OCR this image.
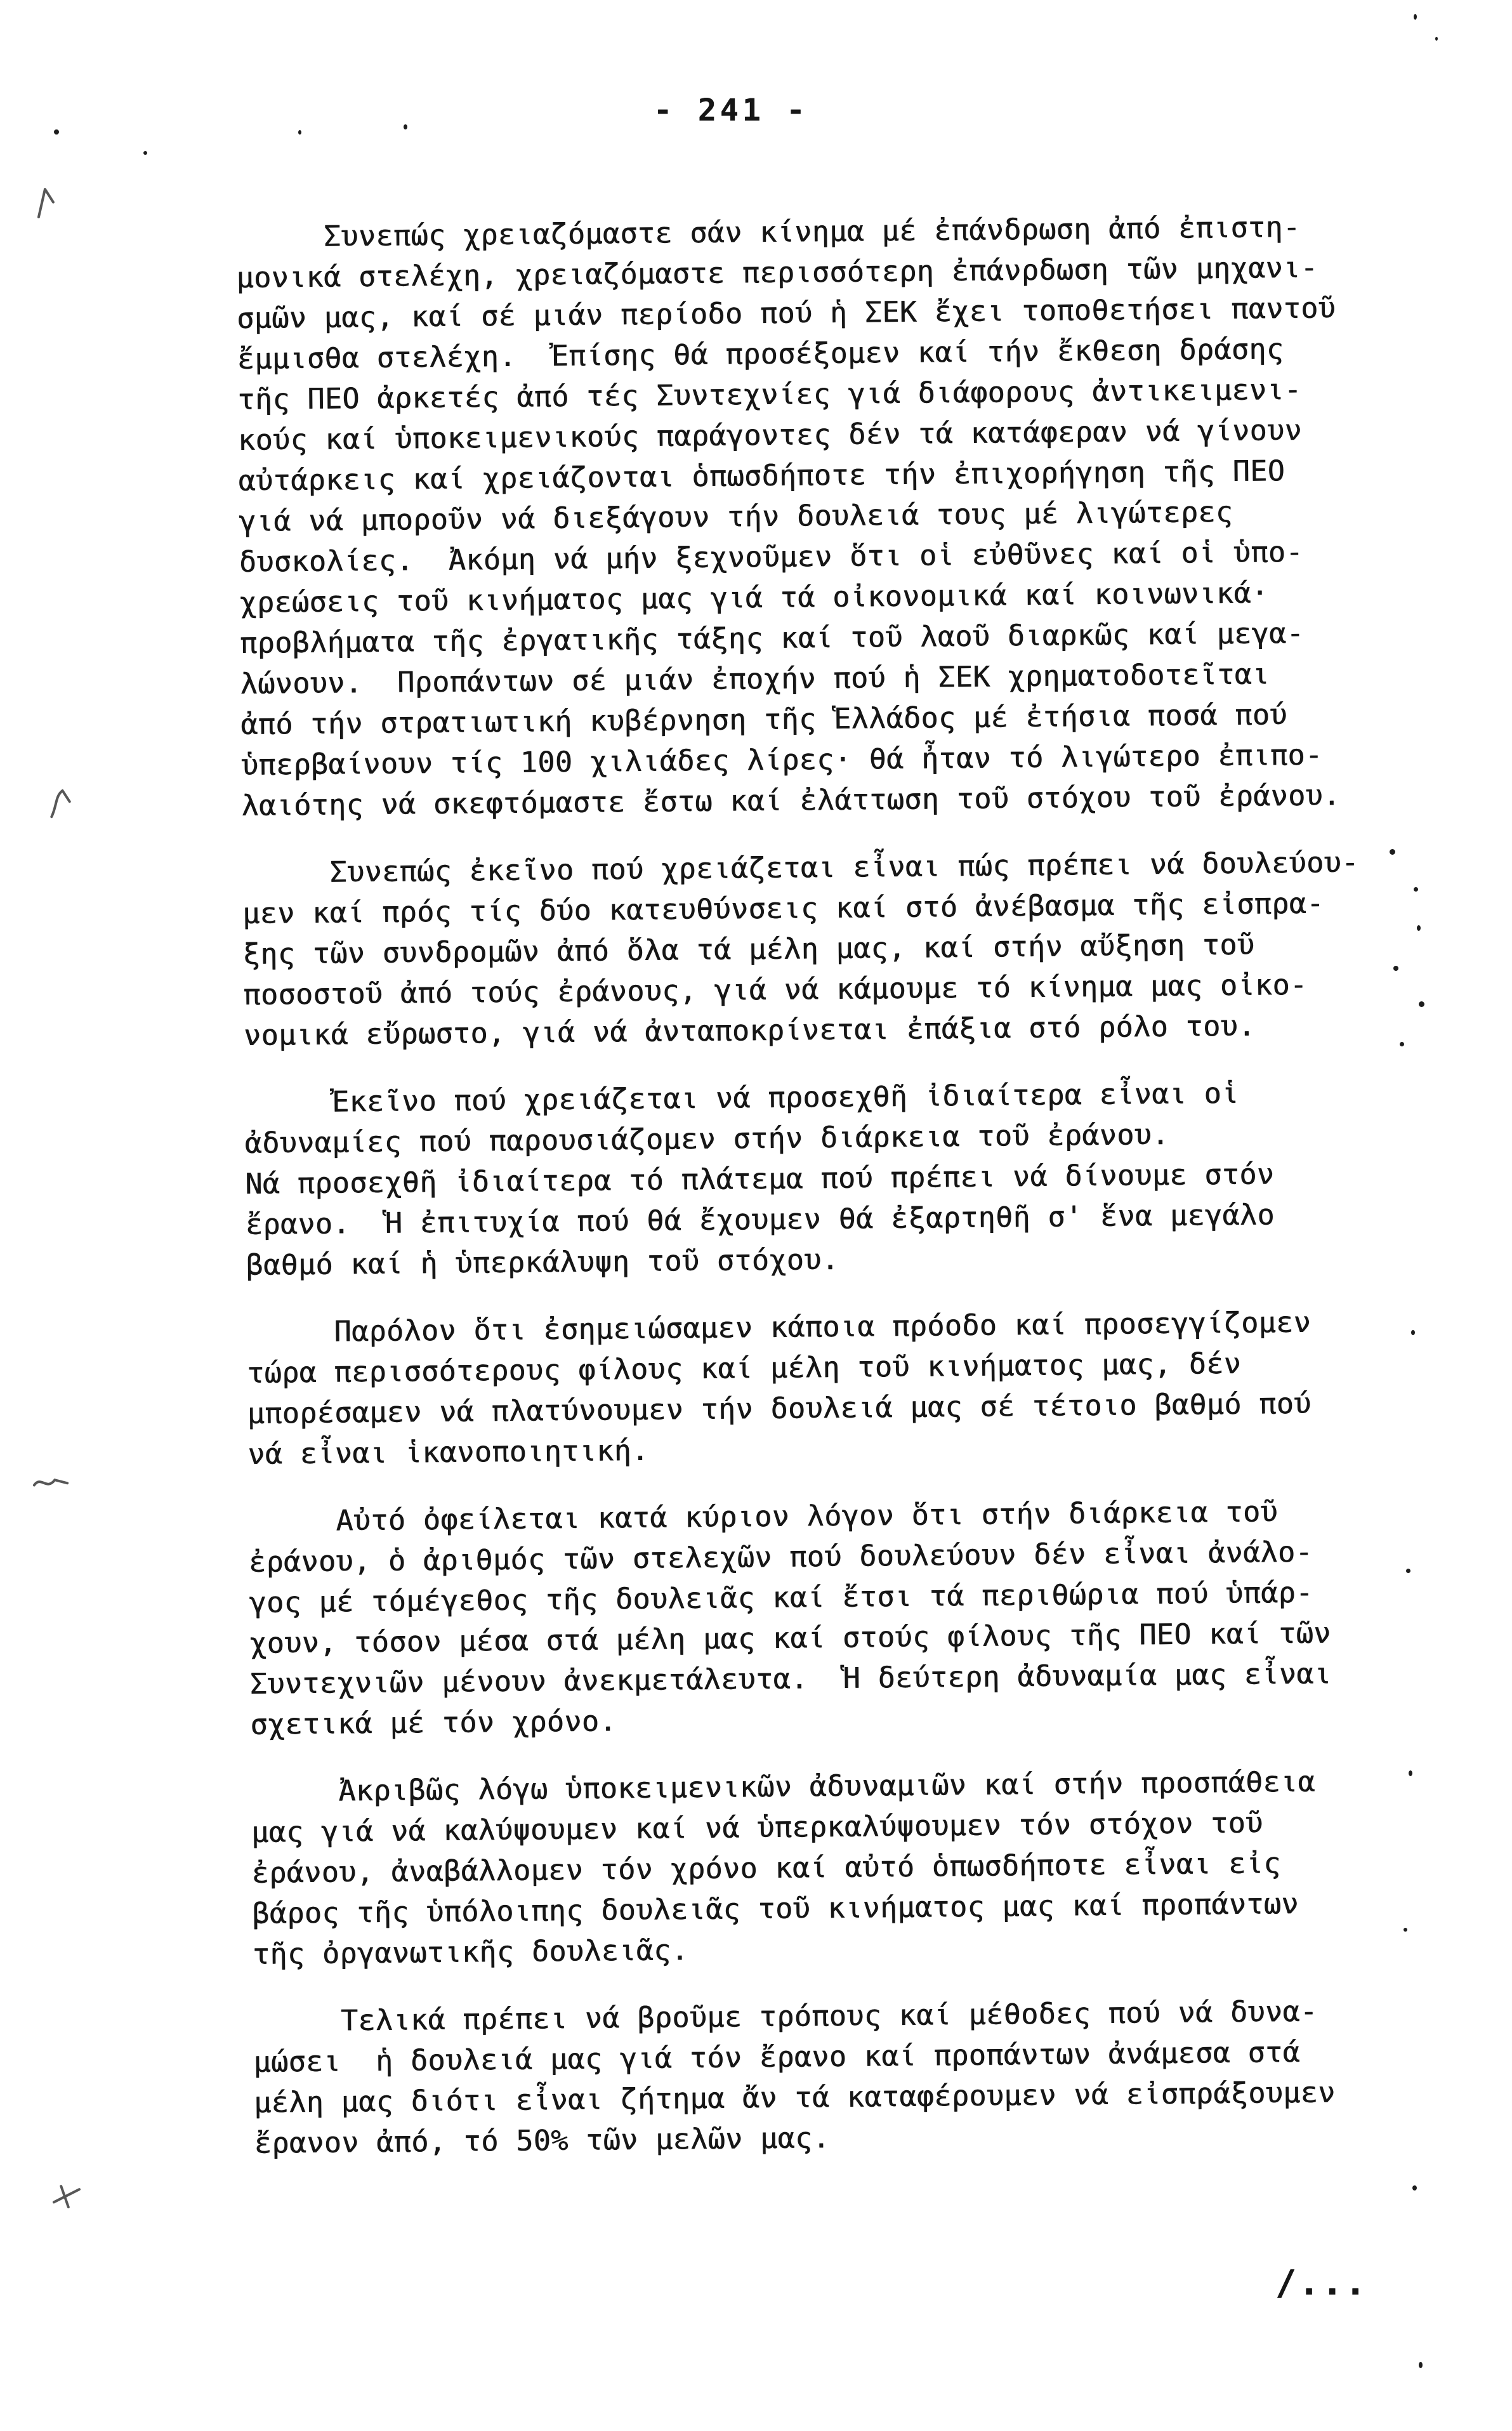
- 241 -
Συνεπώς χρειαζόμαστε σάν κίνημα μέ ἐπάνδρωση ἀπό ἐπιστη-
μονικά στελέχη, χρειαζόμαστε περισσότερη ἐπάνρδωση τῶν μηχανι-
σμῶν μας, καί σέ μιάν περίοδο πού ἡ ΣΕΚ ἔχει τοποθετήσει παντοῦ
ἔμμισθα στελέχη.  Ἐπίσης θά προσέξομεν καί τήν ἔκθεση δράσης
τῆς ΠΕΟ ἀρκετές ἀπό τές Συντεχνίες γιά διάφορους ἀντικειμενι-
κούς καί ὑποκειμενικούς παράγοντες δέν τά κατάφεραν νά γίνουν
αὐτάρκεις καί χρειάζονται ὁπωσδήποτε τήν ἐπιχορήγηση τῆς ΠΕΟ
γιά νά μποροῦν νά διεξάγουν τήν δουλειά τους μέ λιγώτερες
δυσκολίες.  Ἀκόμη νά μήν ξεχνοῦμεν ὅτι οἱ εὐθῦνες καί οἱ ὑπο-
χρεώσεις τοῦ κινήματος μας γιά τά οἰκονομικά καί κοινωνικά·
προβλήματα τῆς ἐργατικῆς τάξης καί τοῦ λαοῦ διαρκῶς καί μεγα-
λώνουν.  Προπάντων σέ μιάν ἐποχήν πού ἡ ΣΕΚ χρηματοδοτεῖται
ἀπό τήν στρατιωτική κυβέρνηση τῆς Ἑλλάδος μέ ἐτήσια ποσά πού
ὑπερβαίνουν τίς 100 χιλιάδες λίρες· θά ἦταν τό λιγώτερο ἐπιπο-
λαιότης νά σκεφτόμαστε ἔστω καί ἐλάττωση τοῦ στόχου τοῦ ἐράνου.
Συνεπώς ἐκεῖνο πού χρειάζεται εἶναι πώς πρέπει νά δουλεύου-
μεν καί πρός τίς δύο κατευθύνσεις καί στό ἀνέβασμα τῆς εἰσπρα-
ξης τῶν συνδρομῶν ἀπό ὅλα τά μέλη μας, καί στήν αὔξηση τοῦ
ποσοστοῦ ἀπό τούς ἐράνους, γιά νά κάμουμε τό κίνημα μας οἰκο-
νομικά εὔρωστο, γιά νά ἀνταποκρίνεται ἐπάξια στό ρόλο του.
Ἐκεῖνο πού χρειάζεται νά προσεχθῆ ἰδιαίτερα εἶναι οἱ
ἀδυναμίες πού παρουσιάζομεν στήν διάρκεια τοῦ ἐράνου.
Νά προσεχθῆ ἰδιαίτερα τό πλάτεμα πού πρέπει νά δίνουμε στόν
ἔρανο.  Ἡ ἐπιτυχία πού θά ἔχουμεν θά ἐξαρτηθῆ σ' ἕνα μεγάλο
βαθμό καί ἡ ὑπερκάλυψη τοῦ στόχου.
Παρόλον ὅτι ἐσημειώσαμεν κάποια πρόοδο καί προσεγγίζομεν
τώρα περισσότερους φίλους καί μέλη τοῦ κινήματος μας, δέν
μπορέσαμεν νά πλατύνουμεν τήν δουλειά μας σέ τέτοιο βαθμό πού
νά εἶναι ἱκανοποιητική.
Αὐτό ὀφείλεται κατά κύριον λόγον ὅτι στήν διάρκεια τοῦ
ἐράνου, ὁ ἀριθμός τῶν στελεχῶν πού δουλεύουν δέν εἶναι ἀνάλο-
γος μέ τόμέγεθος τῆς δουλειᾶς καί ἔτσι τά περιθώρια πού ὑπάρ-
χουν, τόσον μέσα στά μέλη μας καί στούς φίλους τῆς ΠΕΟ καί τῶν
Συντεχνιῶν μένουν ἀνεκμετάλευτα.  Ἡ δεύτερη ἀδυναμία μας εἶναι
σχετικά μέ τόν χρόνο.
Ἀκριβῶς λόγω ὑποκειμενικῶν ἀδυναμιῶν καί στήν προσπάθεια
μας γιά νά καλύψουμεν καί νά ὑπερκαλύψουμεν τόν στόχον τοῦ
ἐράνου, ἀναβάλλομεν τόν χρόνο καί αὐτό ὁπωσδήποτε εἶναι εἰς
βάρος τῆς ὑπόλοιπης δουλειᾶς τοῦ κινήματος μας καί προπάντων
τῆς ὀργανωτικῆς δουλειᾶς.
Τελικά πρέπει νά βροῦμε τρόπους καί μέθοδες πού νά δυνα-
μώσει  ἡ δουλειά μας γιά τόν ἔρανο καί προπάντων ἀνάμεσα στά
μέλη μας διότι εἶναι ζήτημα ἄν τά καταφέρουμεν νά εἰσπράξουμεν
ἔρανον ἀπό, τό 50% τῶν μελῶν μας.
/...
